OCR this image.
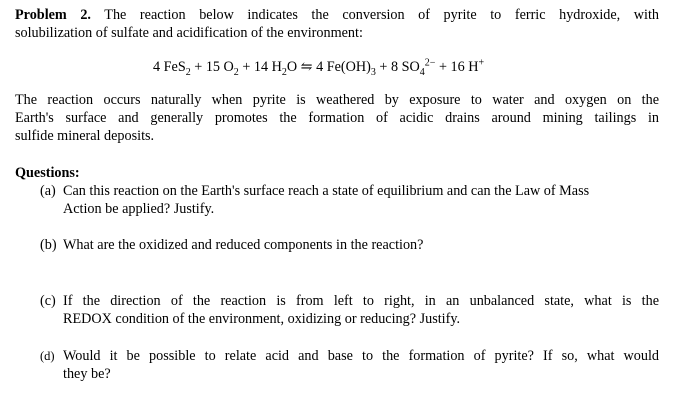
Problem 2. The reaction below indicates the conversion of pyrite to ferric hydroxide, with
solubilization of sulfate and acidification of the environment:
4 FeS$_2$ + 15 $O_2 + 14$ $H_2O$ ⇋ 4 $Fe(OH)_3 + 8$ $SO_4^{2-} + 16$ H+
The reaction occurs naturally when pyrite is weathered by exposure to water and oxygen on the
Earth's surface and generally promotes the formation of acidic drains around mining tailings in
sulfide mineral deposits.
Questions:
(a) Can this reaction on the Earth's surface reach a state of equilibrium and can the Law of Mass
Action be applied? Justify.
(b) What are the oxidized and reduced components in the reaction?
(c) If the direction of the reaction is from left to right, in an unbalanced state, what is the
REDOX condition of the environment, oxidizing or reducing? Justify.
(d) Would it be possible to relate acid and base to the formation of pyrite? If so, what would
they be?
